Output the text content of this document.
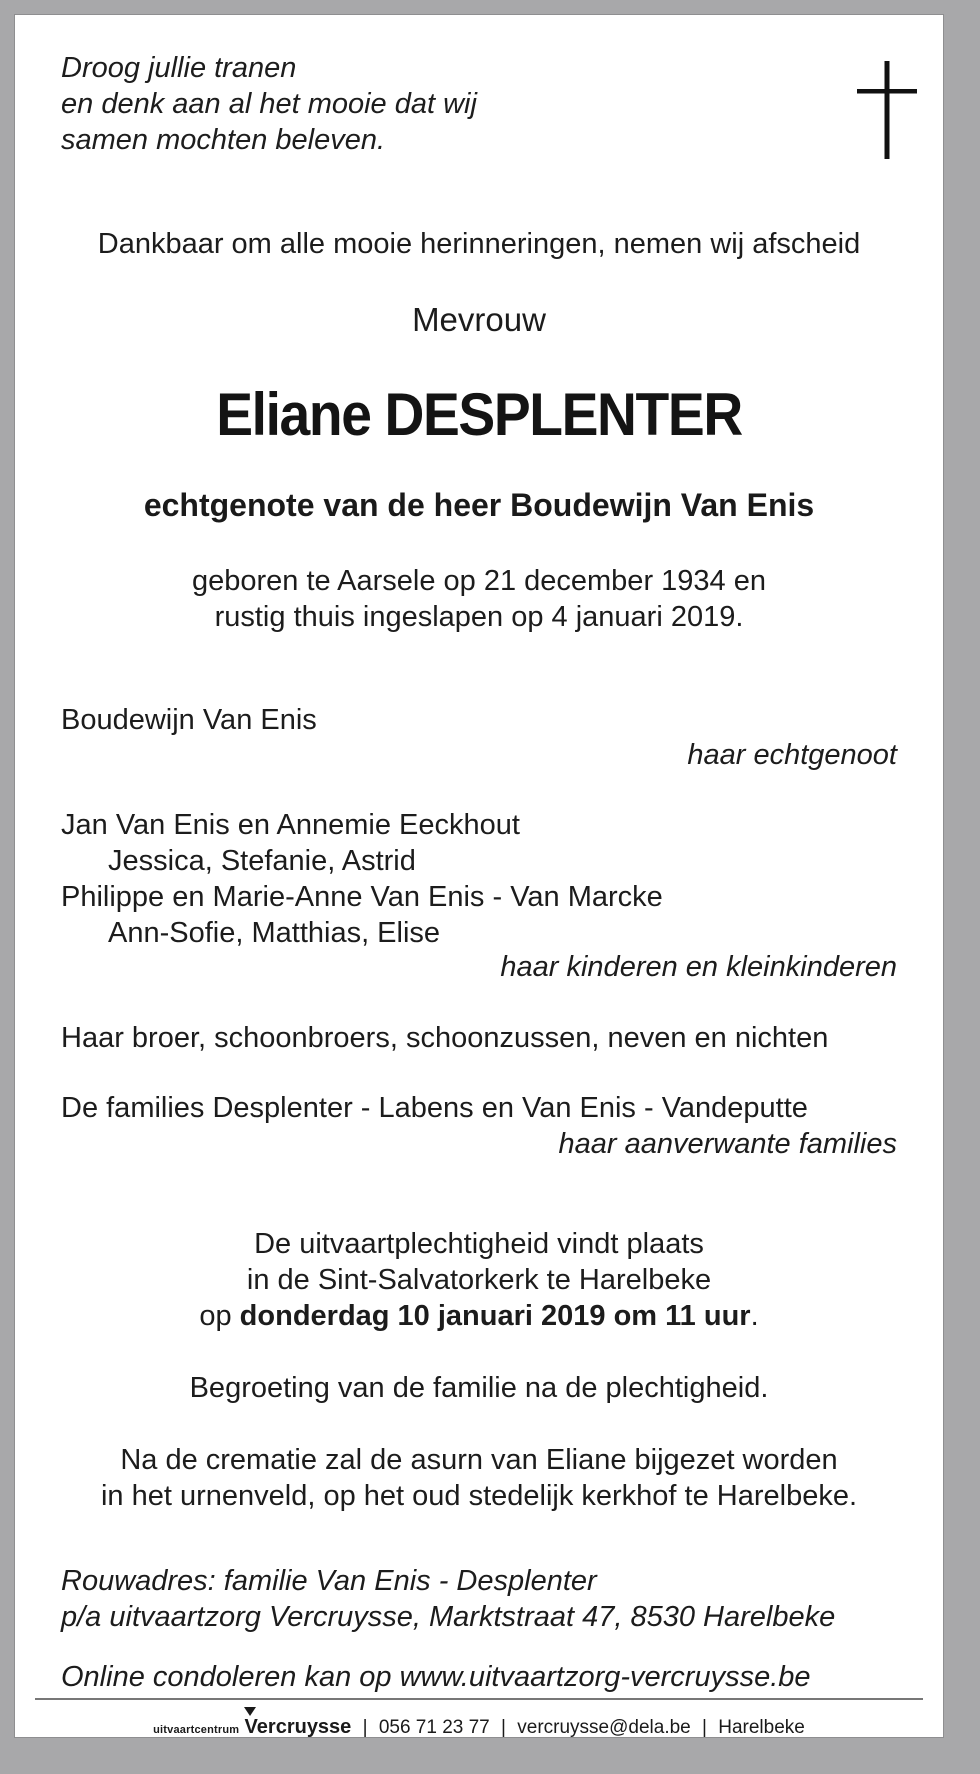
Droog jullie tranen
en denk aan al het mooie dat wij
samen mochten beleven.
Dankbaar om alle mooie herinneringen, nemen wij afscheid
Mevrouw
Eliane DESPLENTER
echtgenote van de heer Boudewijn Van Enis
geboren te Aarsele op 21 december 1934 en
rustig thuis ingeslapen op 4 januari 2019.
Boudewijn Van Enis
haar echtgenoot
Jan Van Enis en Annemie Eeckhout
Jessica, Stefanie, Astrid
Philippe en Marie-Anne Van Enis - Van Marcke
Ann-Sofie, Matthias, Elise
haar kinderen en kleinkinderen
Haar broer, schoonbroers, schoonzussen, neven en nichten
De families Desplenter - Labens en Van Enis - Vandeputte
haar aanverwante families
De uitvaartplechtigheid vindt plaats
in de Sint-Salvatorkerk te Harelbeke
op donderdag 10 januari 2019 om 11 uur.
Begroeting van de familie na de plechtigheid.
Na de crematie zal de asurn van Eliane bijgezet worden
in het urnenveld, op het oud stedelijk kerkhof te Harelbeke.
Rouwadres: familie Van Enis - Desplenter
p/a uitvaartzorg Vercruysse, Marktstraat 47, 8530 Harelbeke
Online condoleren kan op www.uitvaartzorg-vercruysse.be
uitvaartcentrum Vercruysse | 056 71 23 77 | vercruysse@dela.be | Harelbeke
